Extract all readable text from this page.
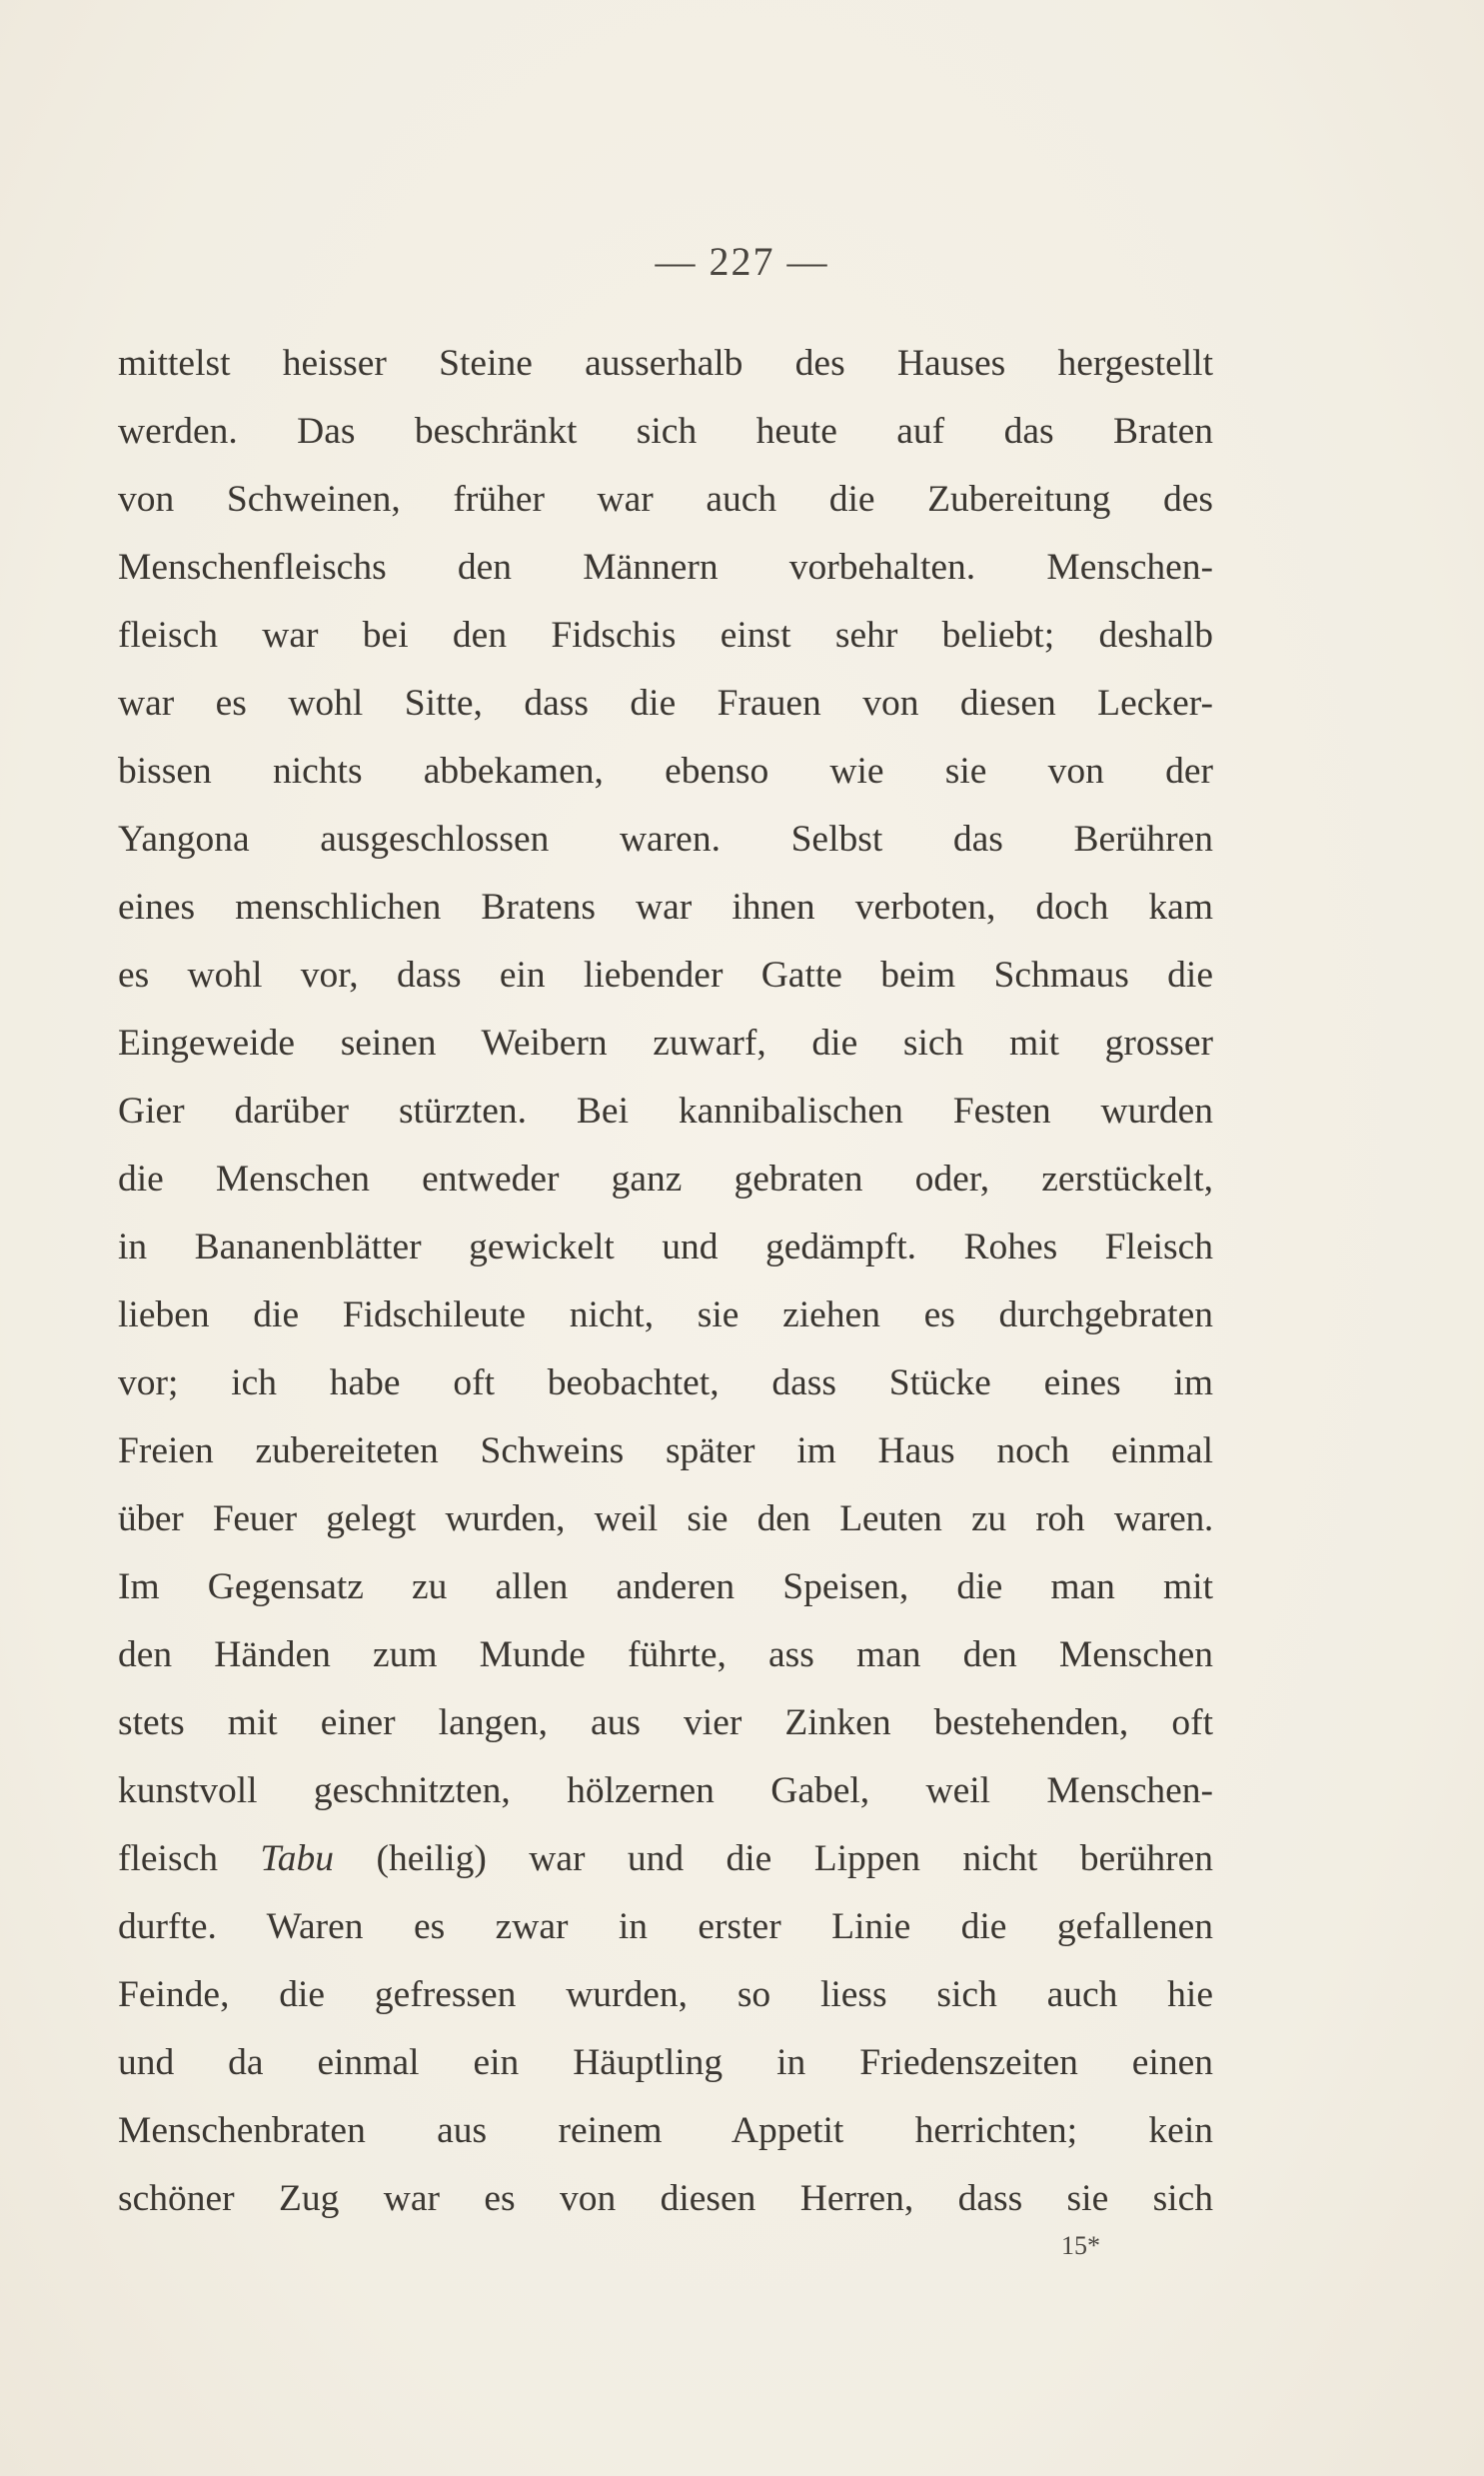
— 227 —
mittelst heisser Steine ausserhalb des Hauses hergestellt
werden. Das beschränkt sich heute auf das Braten
von Schweinen, früher war auch die Zubereitung des
Menschenfleischs den Männern vorbehalten. Menschen-
fleisch war bei den Fidschis einst sehr beliebt; deshalb
war es wohl Sitte, dass die Frauen von diesen Lecker-
bissen nichts abbekamen, ebenso wie sie von der
Yangona ausgeschlossen waren. Selbst das Berühren
eines menschlichen Bratens war ihnen verboten, doch kam
es wohl vor, dass ein liebender Gatte beim Schmaus die
Eingeweide seinen Weibern zuwarf, die sich mit grosser
Gier darüber stürzten. Bei kannibalischen Festen wurden
die Menschen entweder ganz gebraten oder, zerstückelt,
in Bananenblätter gewickelt und gedämpft. Rohes Fleisch
lieben die Fidschileute nicht, sie ziehen es durchgebraten
vor; ich habe oft beobachtet, dass Stücke eines im
Freien zubereiteten Schweins später im Haus noch einmal
über Feuer gelegt wurden, weil sie den Leuten zu roh waren.
Im Gegensatz zu allen anderen Speisen, die man mit
den Händen zum Munde führte, ass man den Menschen
stets mit einer langen, aus vier Zinken bestehenden, oft
kunstvoll geschnitzten, hölzernen Gabel, weil Menschen-
fleisch Tabu (heilig) war und die Lippen nicht berühren
durfte. Waren es zwar in erster Linie die gefallenen
Feinde, die gefressen wurden, so liess sich auch hie
und da einmal ein Häuptling in Friedenszeiten einen
Menschenbraten aus reinem Appetit herrichten; kein
schöner Zug war es von diesen Herren, dass sie sich
15*
